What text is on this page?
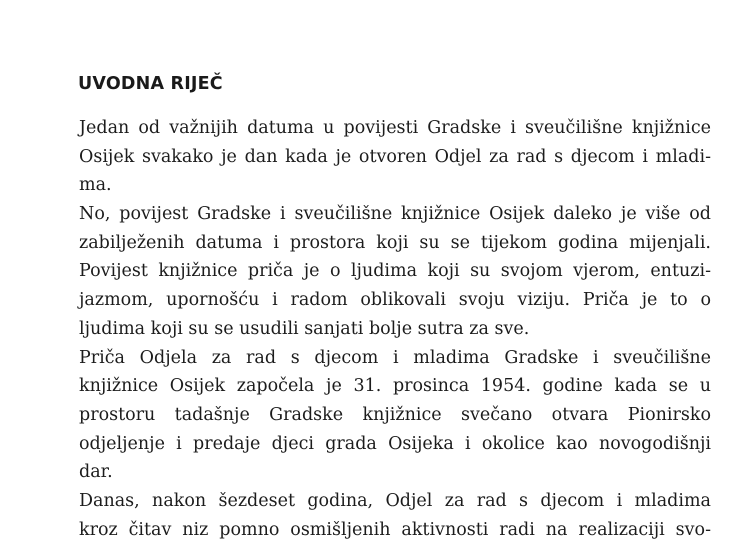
UVODNA RIJEČ
Jedan od važnijih datuma u povijesti Gradske i sveučilišne knjižnice
Osijek svakako je dan kada je otvoren Odjel za rad s djecom i mladi-
ma.
No, povijest Gradske i sveučilišne knjižnice Osijek daleko je više od
zabilježenih datuma i prostora koji su se tijekom godina mijenjali.
Povijest knjižnice priča je o ljudima koji su svojom vjerom, entuzi-
jazmom, upornošću i radom oblikovali svoju viziju. Priča je to o
ljudima koji su se usudili sanjati bolje sutra za sve.
Priča Odjela za rad s djecom i mladima Gradske i sveučilišne
knjižnice Osijek započela je 31. prosinca 1954. godine kada se u
prostoru tadašnje Gradske knjižnice svečano otvara Pionirsko
odjeljenje i predaje djeci grada Osijeka i okolice kao novogodišnji
dar.
Danas, nakon šezdeset godina, Odjel za rad s djecom i mladima
kroz čitav niz pomno osmišljenih aktivnosti radi na realizaciji svo-
